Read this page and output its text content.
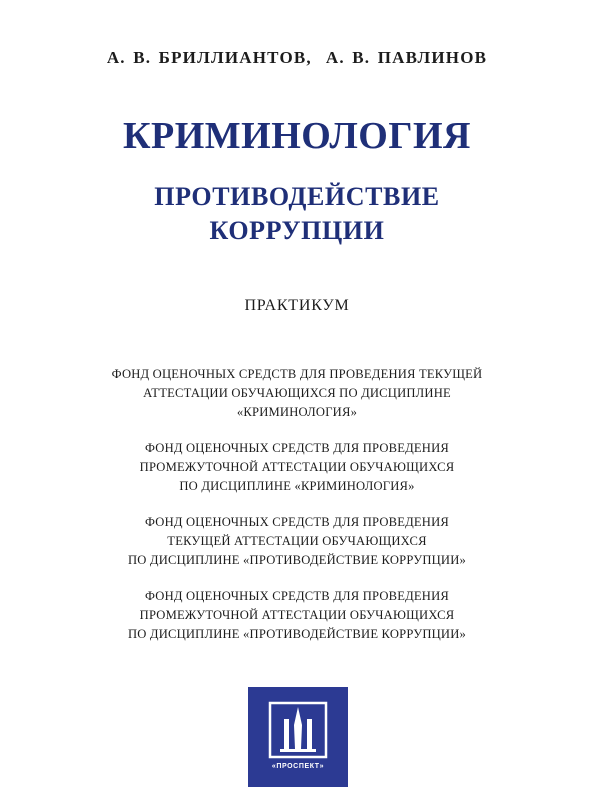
А. В. БРИЛЛИАНТОВ, А. В. ПАВЛИНОВ
КРИМИНОЛОГИЯ
ПРОТИВОДЕЙСТВИЕ
КОРРУПЦИИ
ПРАКТИКУМ
ФОНД ОЦЕНОЧНЫХ СРЕДСТВ ДЛЯ ПРОВЕДЕНИЯ ТЕКУЩЕЙ
АТТЕСТАЦИИ ОБУЧАЮЩИХСЯ ПО ДИСЦИПЛИНЕ
«КРИМИНОЛОГИЯ»
ФОНД ОЦЕНОЧНЫХ СРЕДСТВ ДЛЯ ПРОВЕДЕНИЯ
ПРОМЕЖУТОЧНОЙ АТТЕСТАЦИИ ОБУЧАЮЩИХСЯ
ПО ДИСЦИПЛИНЕ «КРИМИНОЛОГИЯ»
ФОНД ОЦЕНОЧНЫХ СРЕДСТВ ДЛЯ ПРОВЕДЕНИЯ
ТЕКУЩЕЙ АТТЕСТАЦИИ ОБУЧАЮЩИХСЯ
ПО ДИСЦИПЛИНЕ «ПРОТИВОДЕЙСТВИЕ КОРРУПЦИИ»
ФОНД ОЦЕНОЧНЫХ СРЕДСТВ ДЛЯ ПРОВЕДЕНИЯ
ПРОМЕЖУТОЧНОЙ АТТЕСТАЦИИ ОБУЧАЮЩИХСЯ
ПО ДИСЦИПЛИНЕ «ПРОТИВОДЕЙСТВИЕ КОРРУПЦИИ»
«ПРОСПЕКТ»
